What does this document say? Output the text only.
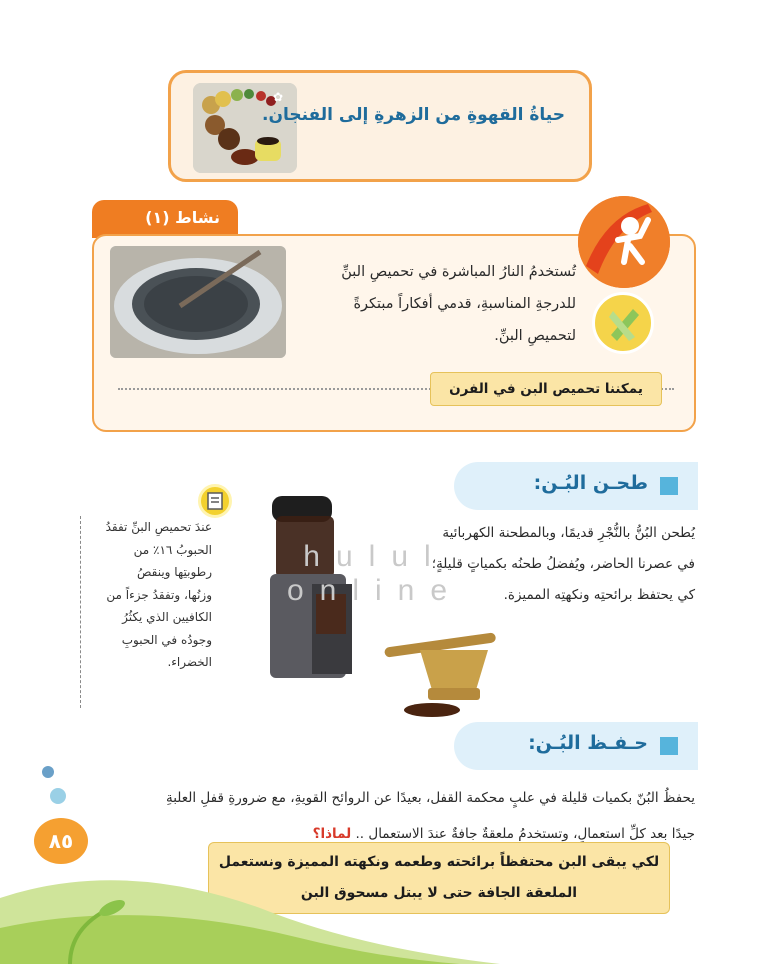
✿
حياةُ القهوةِ من الزهرةِ إلى الفنجان.
نشاط (١)
تُستخدمُ النارُ المباشرة في تحميصِ البنِّ
للدرجةِ المناسبةِ، قدمي أفكاراً مبتكرةً
لتحميصِ البنِّ.
يمكننا تحميص البن في الفرن
طحـن البُـن:
يُطحن البُنُّ بالنُّجْرِ قديمًا، وبالمطحنة الكهربائية
في عصرنا الحاضر، ويُفضلُ طحنُه بكمياتٍ قليلةٍ؛
كي يحتفظ برائحتِه ونكهتِه المميزة.
عندَ تحميصِ البنِّ تفقدُ
الحبوبُ ١٦٪ من
رطوبتِها وينقصُ
وزنُها، وتفقدُ جزءاً من
الكافيين الذي يكثُرُ
وجودُه في الحبوبِ
الخضراء.
hulul online
حـفـظ البُـن:
يحفظُ البُنّ بكميات قليلة في علبٍ محكمة القفل، بعيدًا عن الروائح القويةِ، مع ضرورةِ قفلِ العلبةِ
جيدًا بعد كلِّ استعمالٍ، وتستخدمُ ملعقةٌ جافةٌ عندَ الاستعمال .. لماذا؟
لكي يبقى البن محتفظاً برائحته وطعمه ونكهته المميزة ونستعمل
الملعقة الجافة حتى لا يبتل مسحوق البن
٨٥
